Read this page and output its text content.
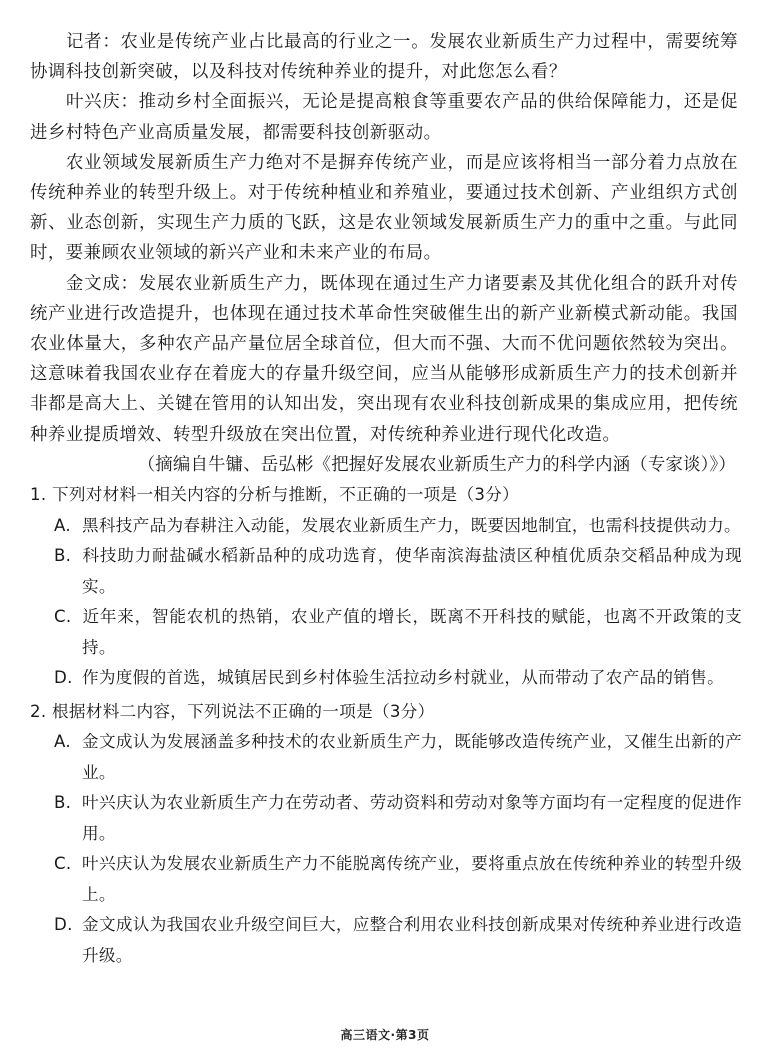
记者：农业是传统产业占比最高的行业之一。发展农业新质生产力过程中，需要统筹协调科技创新突破，以及科技对传统种养业的提升，对此您怎么看？

叶兴庆：推动乡村全面振兴，无论是提高粮食等重要农产品的供给保障能力，还是促进乡村特色产业高质量发展，都需要科技创新驱动。

农业领域发展新质生产力绝对不是摒弃传统产业，而是应该将相当一部分着力点放在传统种养业的转型升级上。对于传统种植业和养殖业，要通过技术创新、产业组织方式创新、业态创新，实现生产力质的飞跃，这是农业领域发展新质生产力的重中之重。与此同时，要兼顾农业领域的新兴产业和未来产业的布局。

金文成：发展农业新质生产力，既体现在通过生产力诸要素及其优化组合的跃升对传统产业进行改造提升，也体现在通过技术革命性突破催生出的新产业新模式新动能。我国农业体量大，多种农产品产量位居全球首位，但大而不强、大而不优问题依然较为突出。这意味着我国农业存在着庞大的存量升级空间，应当从能够形成新质生产力的技术创新并非都是高大上、关键在管用的认知出发，突出现有农业科技创新成果的集成应用，把传统种养业提质增效、转型升级放在突出位置，对传统种养业进行现代化改造。

（摘编自牛镛、岳弘彬《把握好发展农业新质生产力的科学内涵（专家谈）》）

1. 下列对材料一相关内容的分析与推断，不正确的一项是（3分）

A. 黑科技产品为春耕注入动能，发展农业新质生产力，既要因地制宜，也需科技提供动力。

B. 科技助力耐盐碱水稻新品种的成功选育，使华南滨海盐渍区种植优质杂交稻品种成为现实。

C. 近年来，智能农机的热销，农业产值的增长，既离不开科技的赋能，也离不开政策的支持。

D. 作为度假的首选，城镇居民到乡村体验生活拉动乡村就业，从而带动了农产品的销售。

2. 根据材料二内容，下列说法不正确的一项是（3分）

A. 金文成认为发展涵盖多种技术的农业新质生产力，既能够改造传统产业，又催生出新的产业。

B. 叶兴庆认为农业新质生产力在劳动者、劳动资料和劳动对象等方面均有一定程度的促进作用。

C. 叶兴庆认为发展农业新质生产力不能脱离传统产业，要将重点放在传统种养业的转型升级上。

D. 金文成认为我国农业升级空间巨大，应整合利用农业科技创新成果对传统种养业进行改造升级。

高三语文·第3页
